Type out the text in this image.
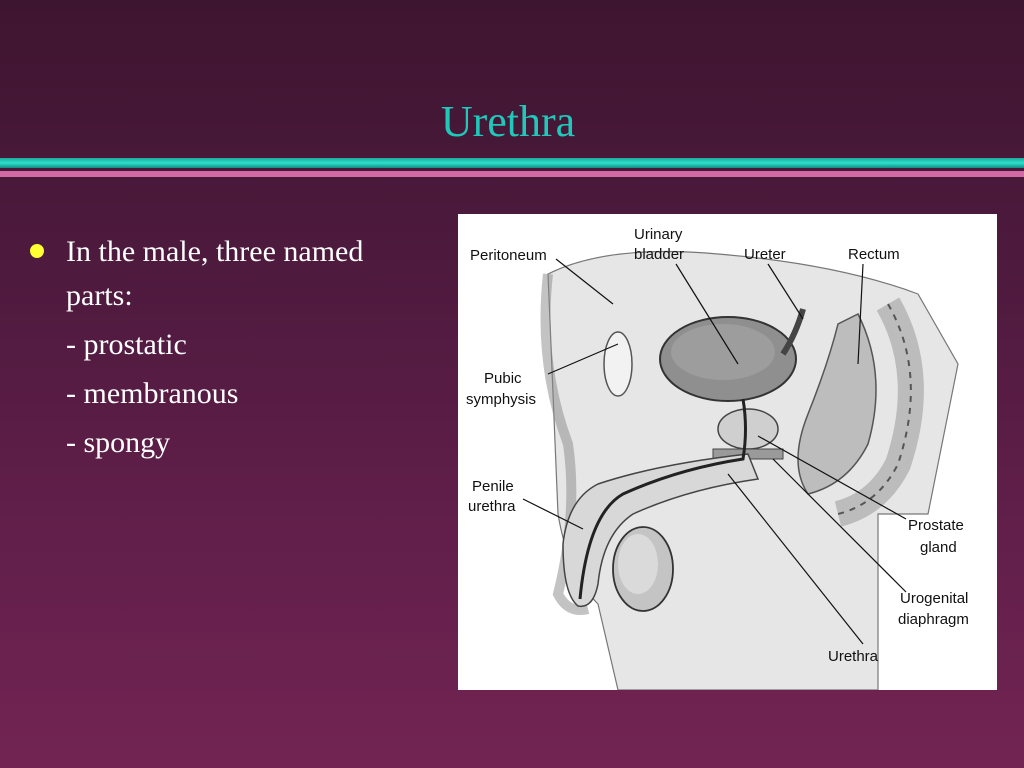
Urethra
In the male, three named
parts:
- prostatic
- membranous
- spongy
Peritoneum
Urinary
bladder	Ureter	Rectum
Pubic
symphysis
Penile
urethra
Prostate
gland
Urogenital
diaphragm
Urethra
